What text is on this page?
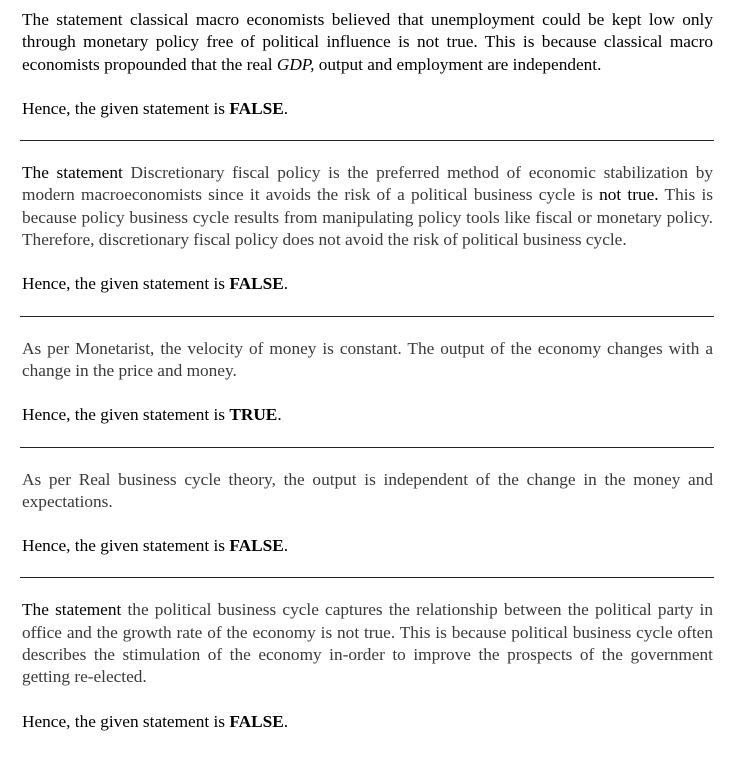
The statement classical macro economists believed that unemployment could be kept low only through monetary policy free of political influence is not true. This is because classical macro economists propounded that the real GDP, output and employment are independent.

Hence, the given statement is FALSE.

The statement Discretionary fiscal policy is the preferred method of economic stabilization by modern macroeconomists since it avoids the risk of a political business cycle is not true. This is because policy business cycle results from manipulating policy tools like fiscal or monetary policy. Therefore, discretionary fiscal policy does not avoid the risk of political business cycle.

Hence, the given statement is FALSE.

As per Monetarist, the velocity of money is constant. The output of the economy changes with a change in the price and money.

Hence, the given statement is TRUE.

As per Real business cycle theory, the output is independent of the change in the money and expectations.

Hence, the given statement is FALSE.

The statement the political business cycle captures the relationship between the political party in office and the growth rate of the economy is not true. This is because political business cycle often describes the stimulation of the economy in-order to improve the prospects of the government getting re-elected.

Hence, the given statement is FALSE.
